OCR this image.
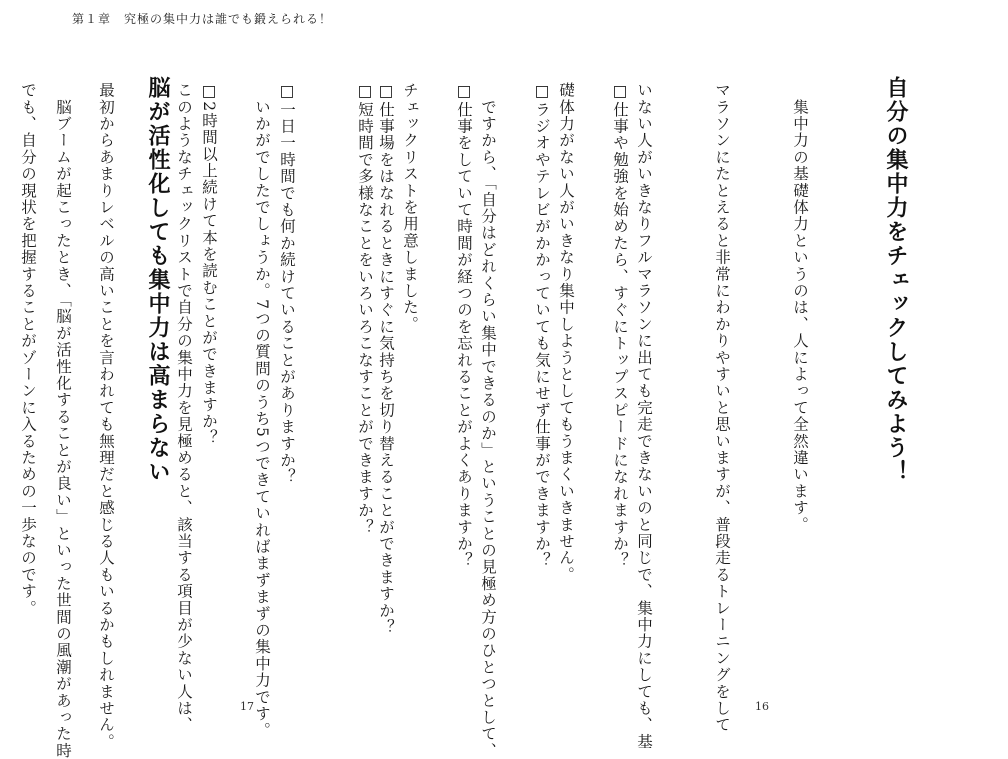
第１章　究極の集中力は誰でも鍛えられる！
自分の集中力をチェックしてみよう！

　集中力の基礎体力というのは、人によって全然違います。

マラソンにたとえると非常にわかりやすいと思いますが、普段走るトレーニングをして

いない人がいきなりフルマラソンに出ても完走できないのと同じで、集中力にしても、基

礎体力がない人がいきなり集中しようとしてもうまくいきません。

　ですから、「自分はどれくらい集中できるのか」ということの見極め方のひとつとして、

チェックリストを用意しました。

	□仕事や勉強を始めたら、すぐにトップスピードになれますか？

□ラジオやテレビがかかっていても気にせず仕事ができますか？

□仕事をしていて時間が経つのを忘れることがよくありますか？

□仕事場をはなれるときにすぐに気持ちを切り替えることができますか？

16

□短時間で多様なことをいろいろこなすことができますか？

□一日一時間でも何か続けていることがありますか？

□2時間以上続けて本を読むことができますか？

　いかがでしたでしょうか。7つの質問のうち5つできていればまずまずの集中力です。

このようなチェックリストで自分の集中力を見極めると、該当する項目が少ない人は、

最初からあまりレベルの高いことを言われても無理だと感じる人もいるかもしれません。

でも、自分の現状を把握することがゾーンに入るための一歩なのです。	脳が活性化しても集中力は高まらない

　脳ブームが起こったとき、「脳が活性化することが良い」といった世間の風潮があった時

	17
